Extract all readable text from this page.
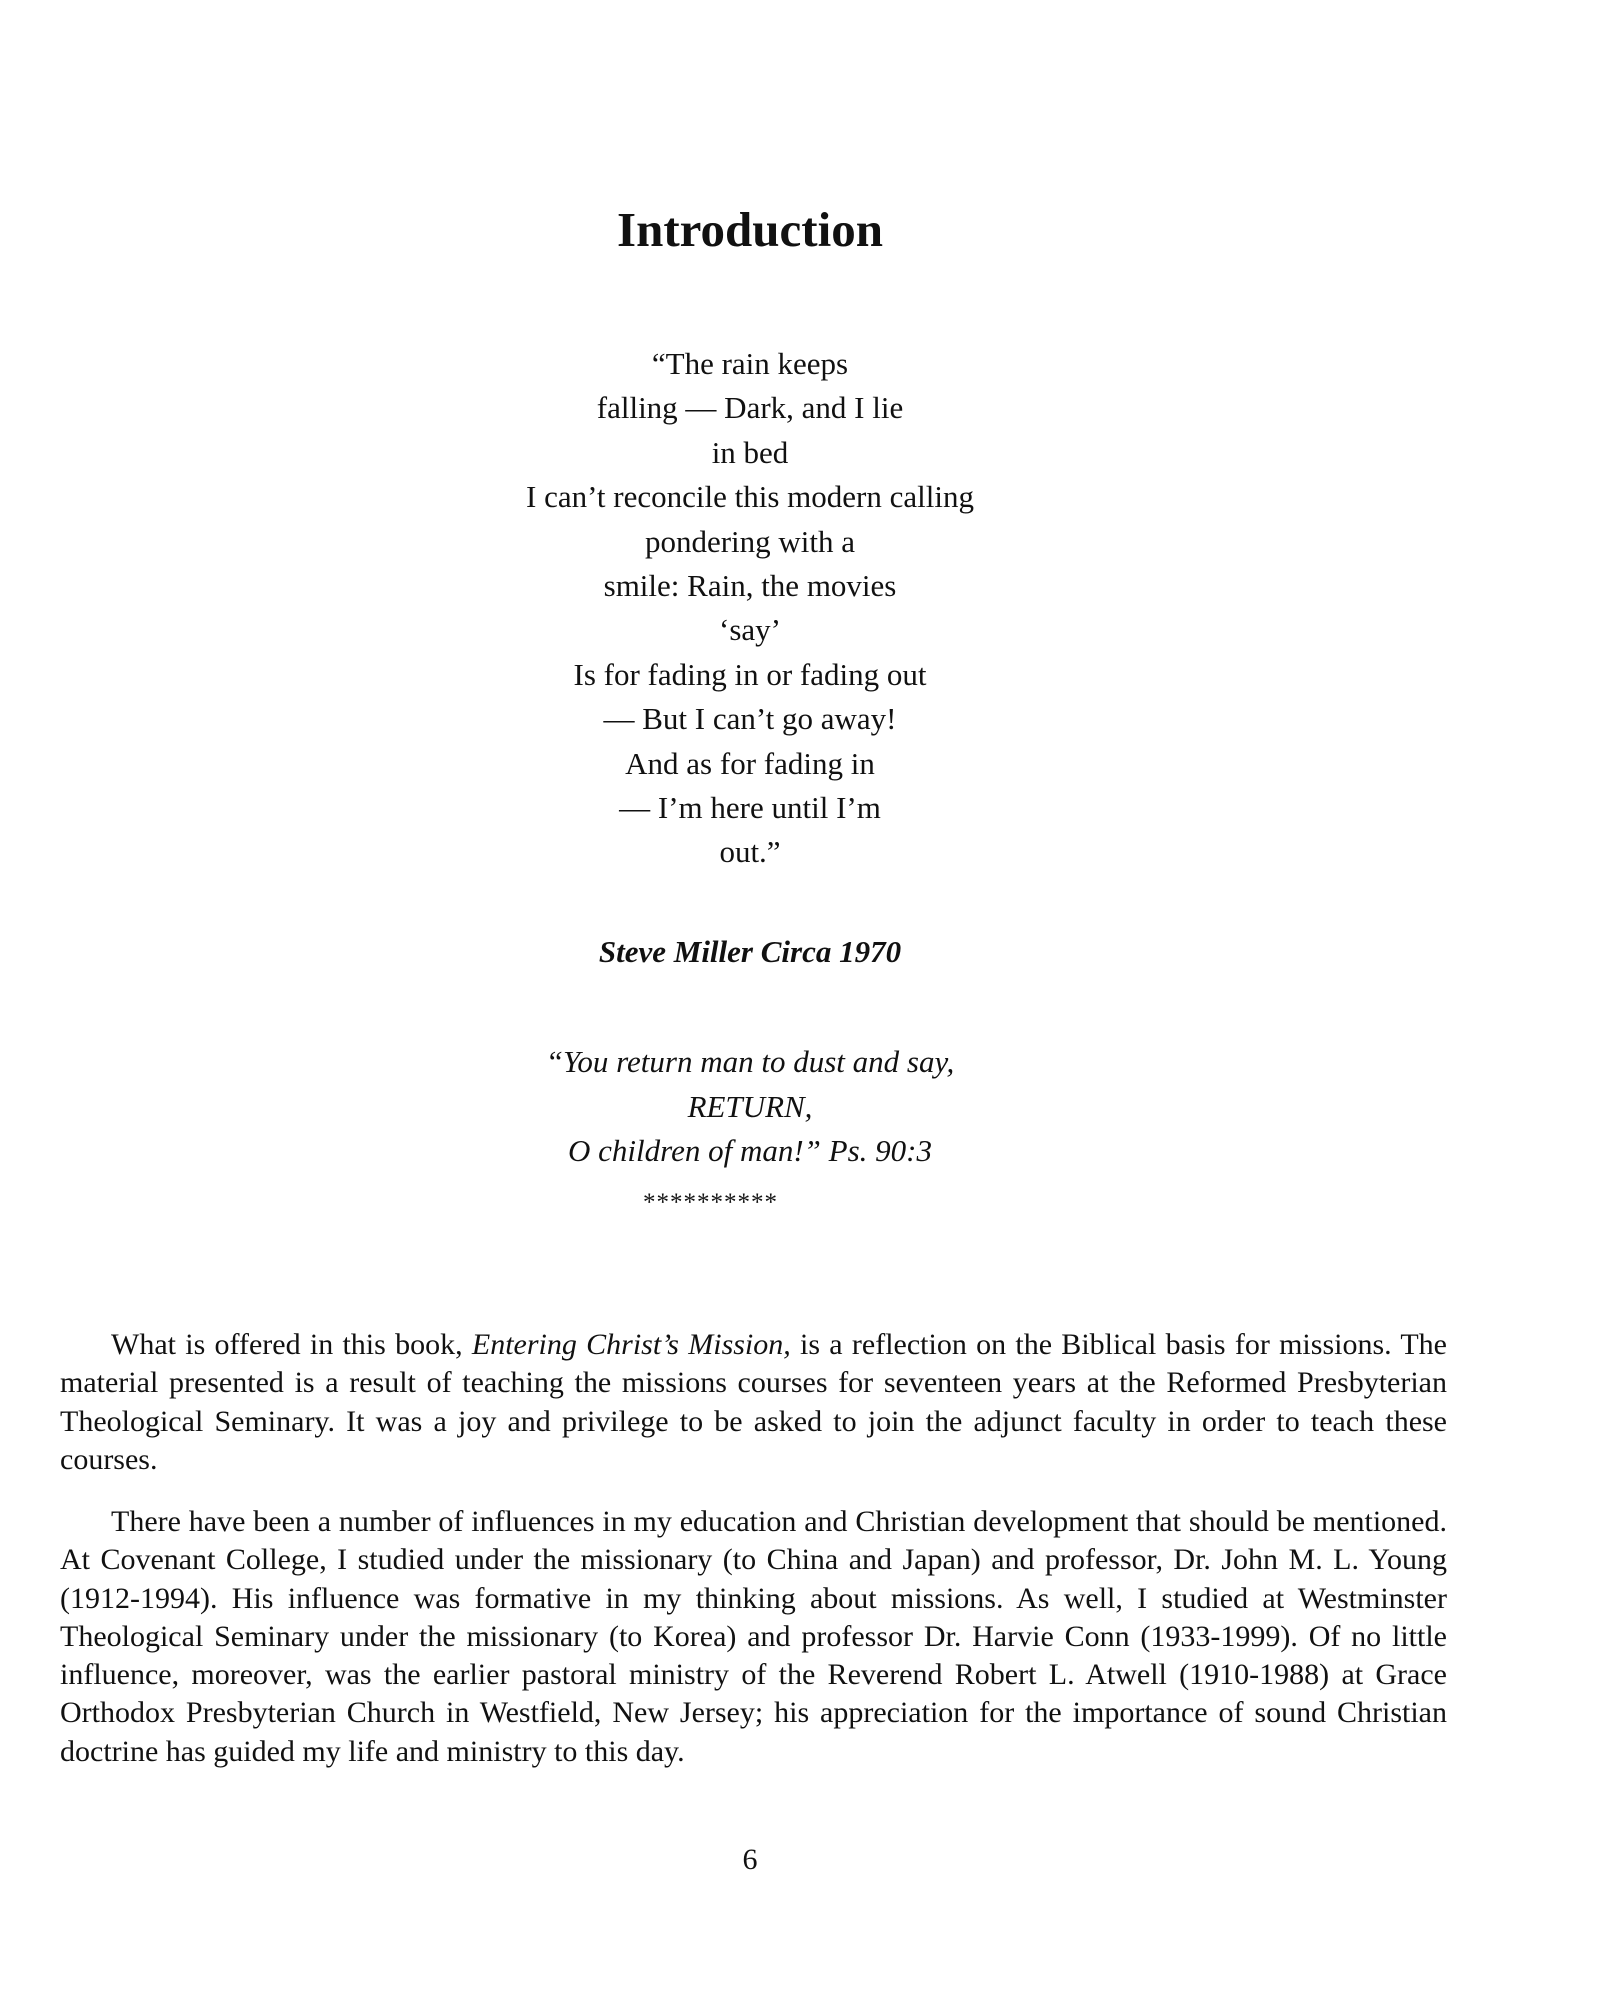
Introduction
“The rain keeps
falling — Dark, and I lie
in bed
I can’t reconcile this modern calling
pondering with a
smile: Rain, the movies
‘say’
Is for fading in or fading out
— But I can’t go away!
And as for fading in
— I’m here until I’m
out.”

Steve Miller Circa 1970

“You return man to dust and say,
RETURN,
O children of man!” Ps. 90:3

**********

What is offered in this book, Entering Christ’s Mission, is a reflection on the Biblical basis for missions. The material presented is a result of teaching the missions courses for seventeen years at the Reformed Presbyterian Theological Seminary. It was a joy and privilege to be asked to join the adjunct faculty in order to teach these courses.

There have been a number of influences in my education and Christian development that should be mentioned. At Covenant College, I studied under the missionary (to China and Japan) and professor, Dr. John M. L. Young (1912-1994). His influence was formative in my thinking about missions. As well, I studied at Westminster Theological Seminary under the missionary (to Korea) and professor Dr. Harvie Conn (1933-1999). Of no little influence, moreover, was the earlier pastoral ministry of the Reverend Robert L. Atwell (1910-1988) at Grace Orthodox Presbyterian Church in Westfield, New Jersey; his appreciation for the importance of sound Christian doctrine has guided my life and ministry to this day.

6
